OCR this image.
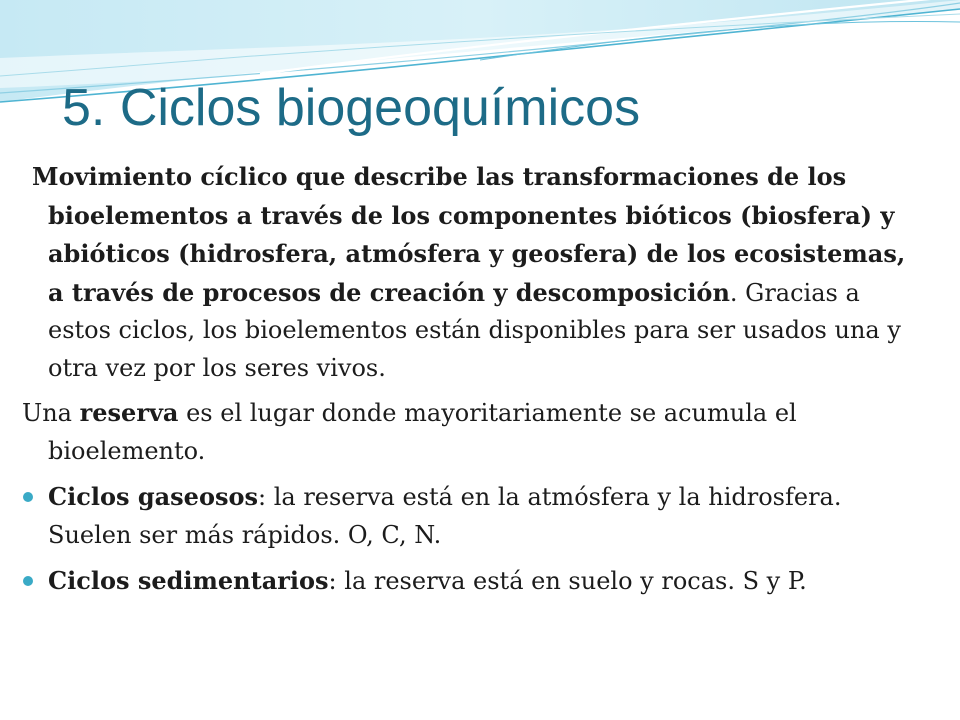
5. Ciclos biogeoquímicos

Movimiento cíclico que describe las transformaciones de los bioelementos a través de los componentes bióticos (biosfera) y abióticos (hidrosfera, atmósfera y geosfera) de los ecosistemas, a través de procesos de creación y descomposición. Gracias a estos ciclos, los bioelementos están disponibles para ser usados una y otra vez por los seres vivos.

Una reserva es el lugar donde mayoritariamente se acumula el bioelemento.

Ciclos gaseosos: la reserva está en la atmósfera y la hidrosfera. Suelen ser más rápidos. O, C, N.
Ciclos sedimentarios: la reserva está en suelo y rocas. S y P.
